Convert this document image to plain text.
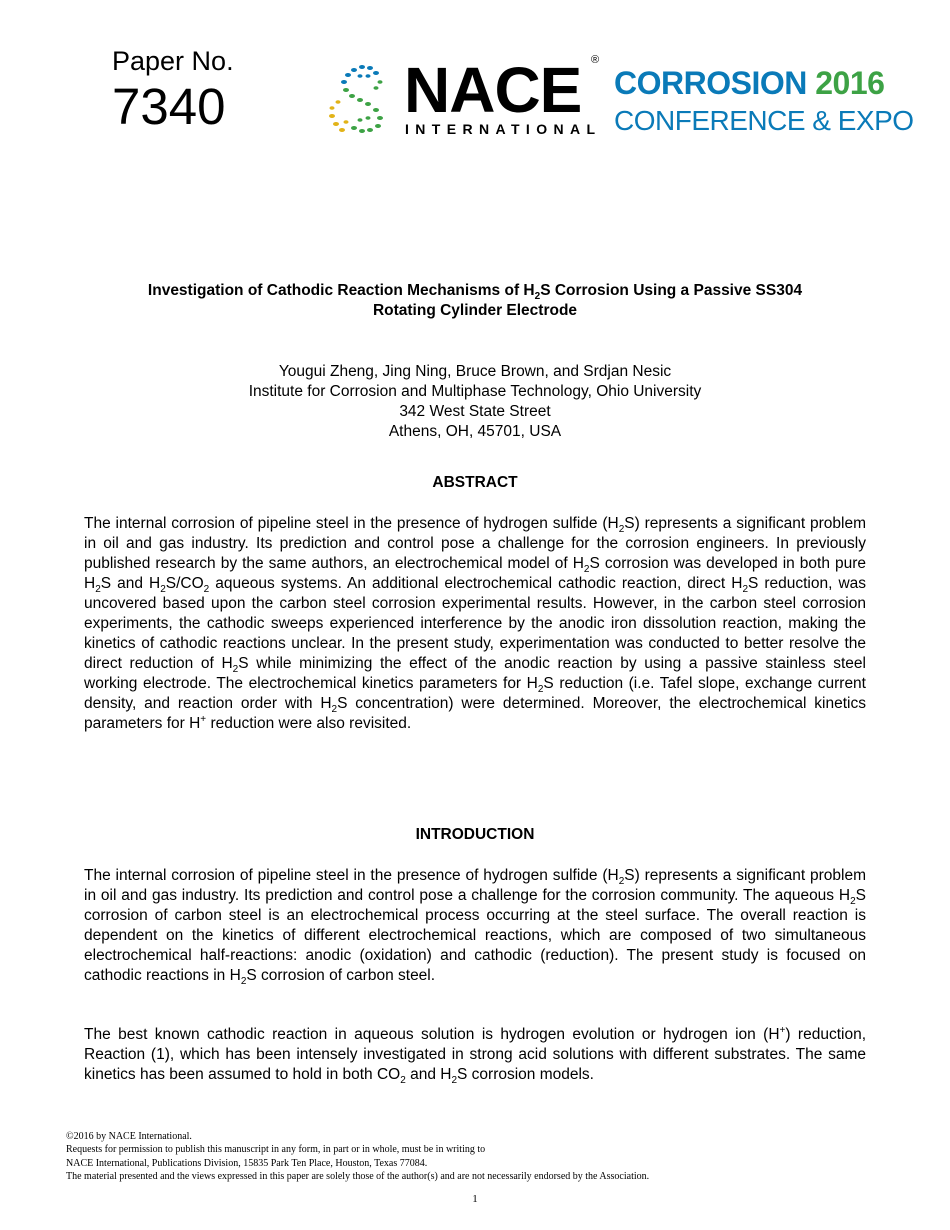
Paper No.
7340	NACE ®
INTERNATIONAL
CORROSION 2016
CONFERENCE & EXPO
Investigation of Cathodic Reaction Mechanisms of $H_2S$ Corrosion Using a Passive SS304
Rotating Cylinder Electrode
Yougui Zheng, Jing Ning, Bruce Brown, and Srdjan Nesic
Institute for Corrosion and Multiphase Technology, Ohio University
342 West State Street
Athens, OH, 45701, USA
ABSTRACT
The internal corrosion of pipeline steel in the presence of hydrogen sulfide $(H_2S)$ represents a significant problem in oil and gas industry. Its prediction and control pose a challenge for the corrosion engineers. In previously published research by the same authors, an electrochemical model of $H_2S$ corrosion was developed in both pure $H_2S$ and $H_2S/CO_2$ aqueous systems. An additional electrochemical cathodic reaction, direct $H_2S$ reduction, was uncovered based upon the carbon steel corrosion experimental results. However, in the carbon steel corrosion experiments, the cathodic sweeps experienced interference by the anodic iron dissolution reaction, making the kinetics of cathodic reactions unclear. In the present study, experimentation was conducted to better resolve the direct reduction of $H_2S$ while minimizing the effect of the anodic reaction by using a passive stainless steel working electrode. The electrochemical kinetics parameters for $H_2S$ reduction (i.e. Tafel slope, exchange current density, and reaction order with $H_2S$ concentration) were determined. Moreover, the electrochemical kinetics parameters for H+ reduction were also revisited.
INTRODUCTION
The internal corrosion of pipeline steel in the presence of hydrogen sulfide $(H_2S)$ represents a significant problem in oil and gas industry. Its prediction and control pose a challenge for the corrosion community. The aqueous $H_2S$ corrosion of carbon steel is an electrochemical process occurring at the steel surface. The overall reaction is dependent on the kinetics of different electrochemical reactions, which are composed of two simultaneous electrochemical half-reactions: anodic (oxidation) and cathodic (reduction). The present study is focused on cathodic reactions in $H_2S$ corrosion of carbon steel.
The best known cathodic reaction in aqueous solution is hydrogen evolution or hydrogen ion (H+) reduction, Reaction (1), which has been intensely investigated in strong acid solutions with different substrates. The same kinetics has been assumed to hold in both $CO_2$ and $H_2S$ corrosion models.
©2016 by NACE International.
Requests for permission to publish this manuscript in any form, in part or in whole, must be in writing to
NACE International, Publications Division, 15835 Park Ten Place, Houston, Texas 77084.
The material presented and the views expressed in this paper are solely those of the author(s) and are not necessarily endorsed by the Association.
1
